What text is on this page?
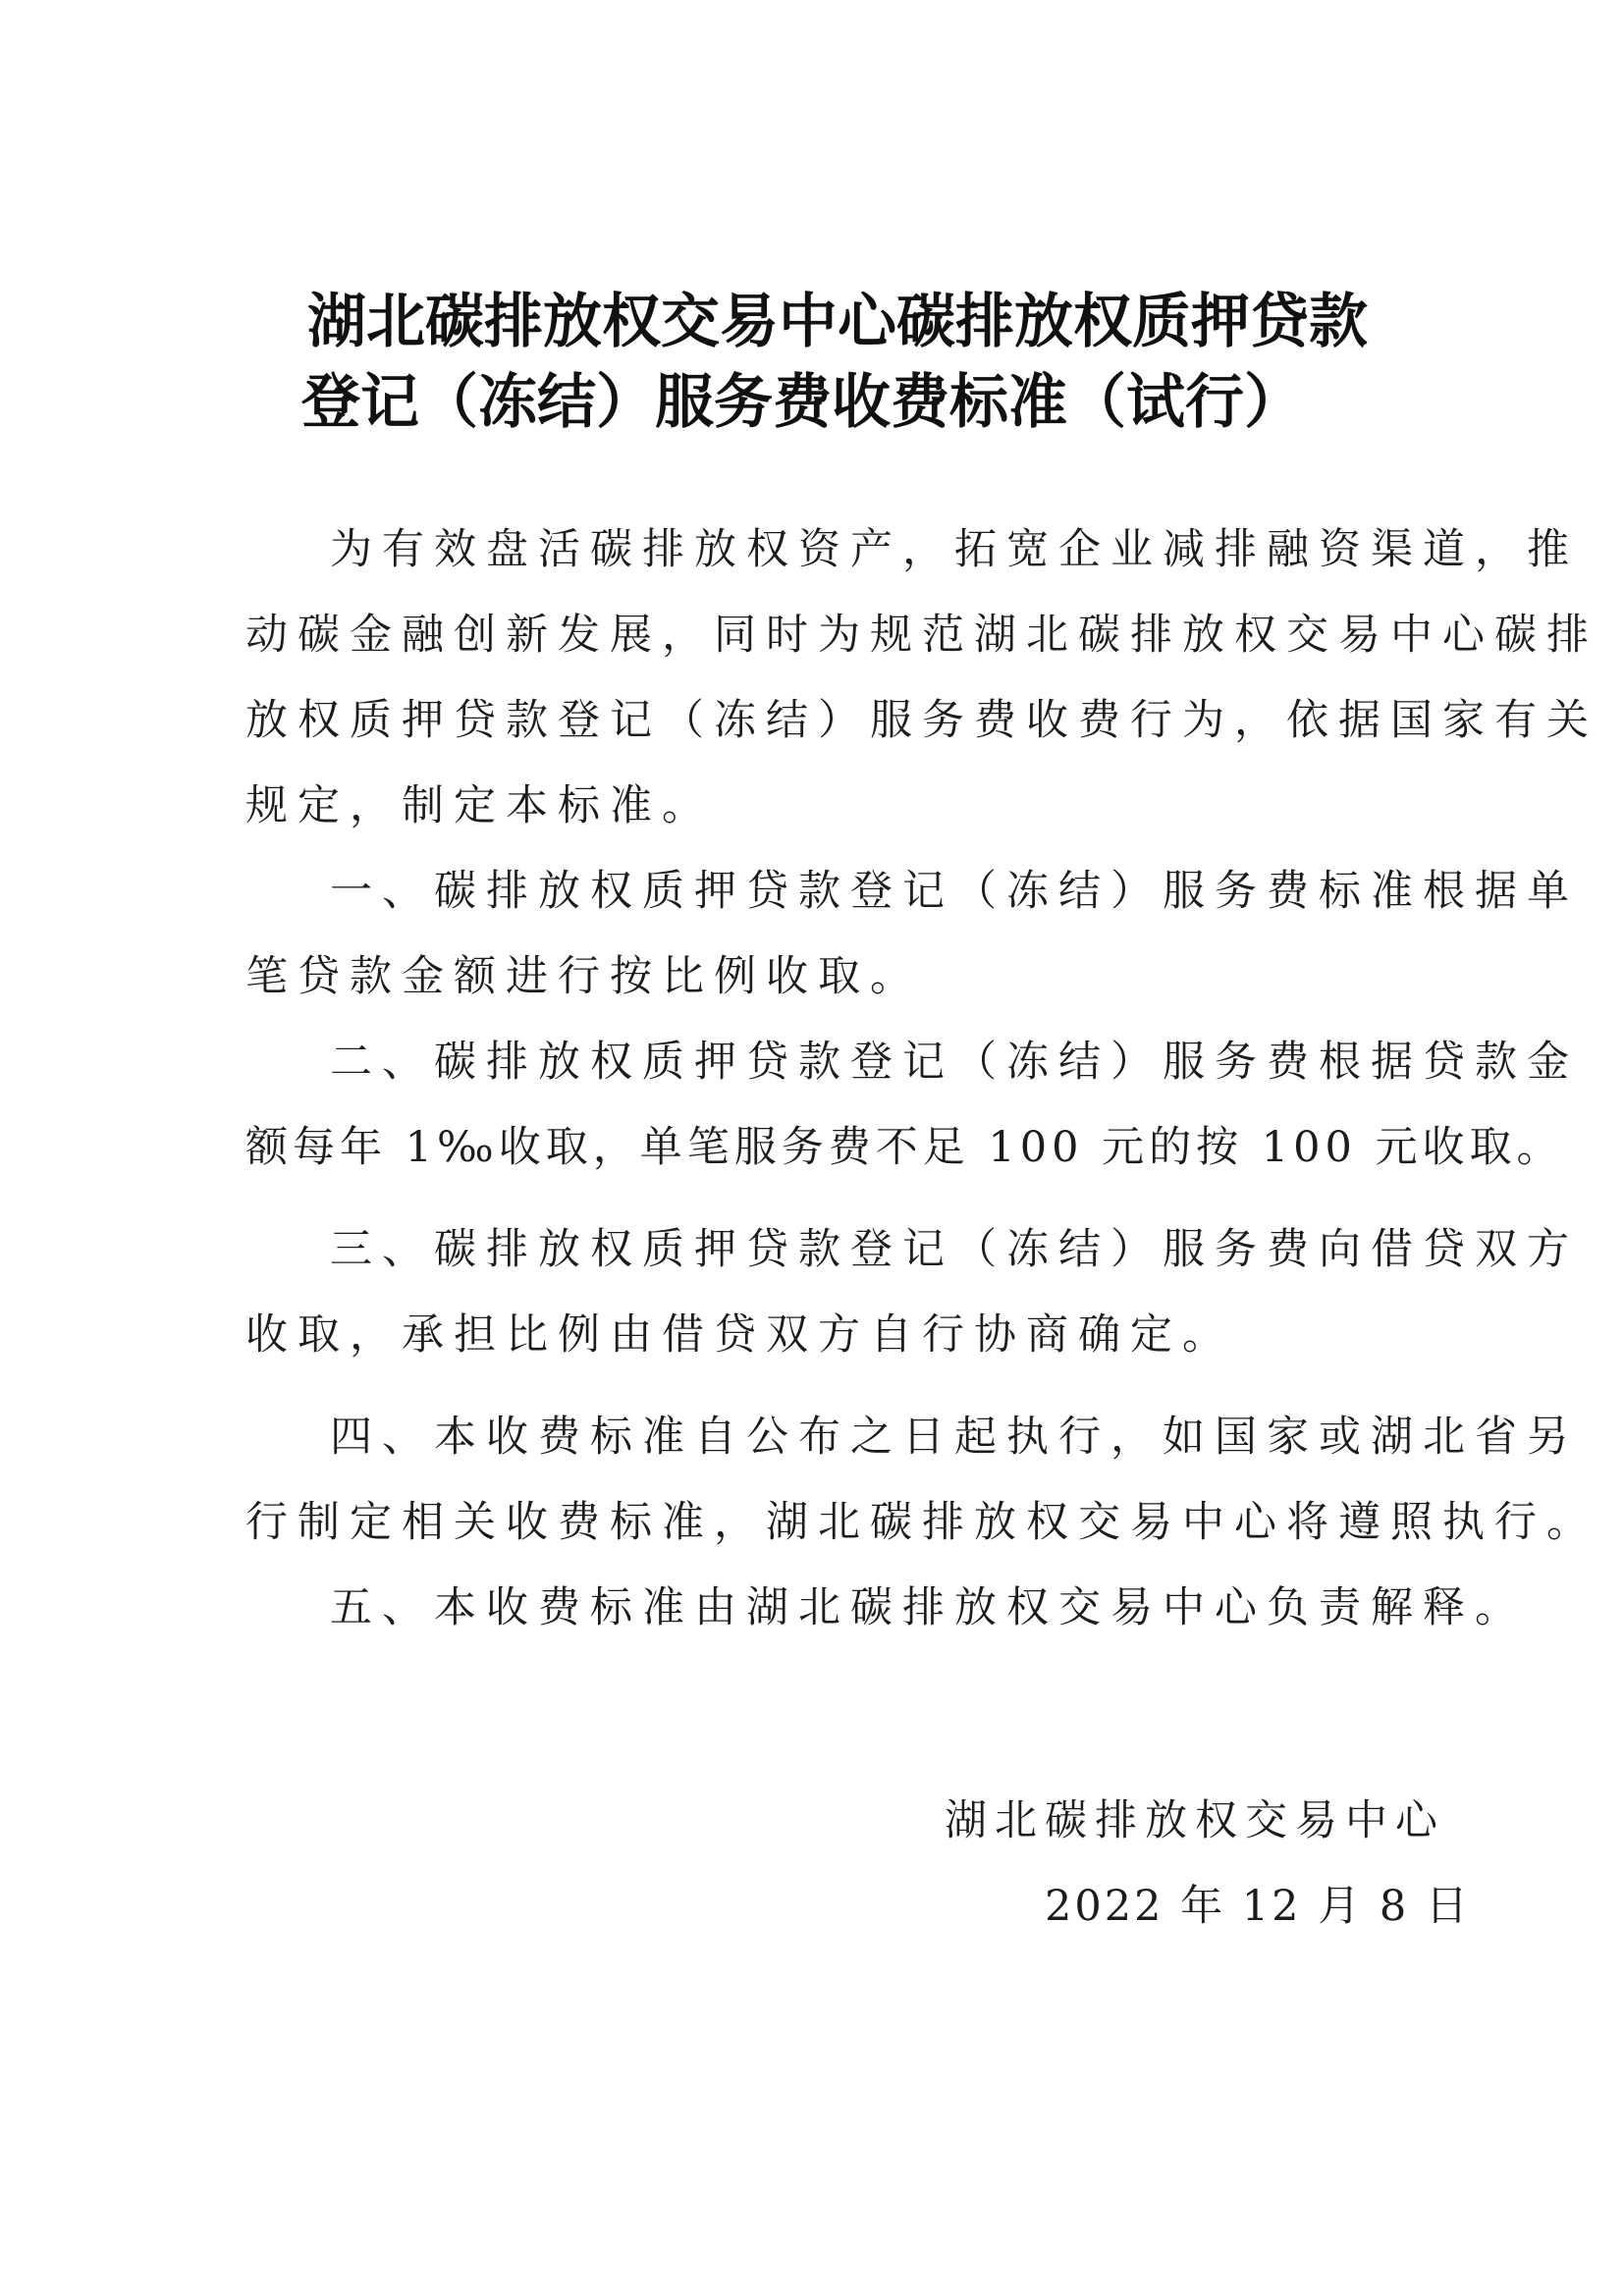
湖北碳排放权交易中心碳排放权质押贷款
登记（冻结）服务费收费标准（试行）
为有效盘活碳排放权资产，拓宽企业减排融资渠道，推
动碳金融创新发展，同时为规范湖北碳排放权交易中心碳排
放权质押贷款登记（冻结）服务费收费行为，依据国家有关
规定，制定本标准。
一、碳排放权质押贷款登记（冻结）服务费标准根据单
笔贷款金额进行按比例收取。
二、碳排放权质押贷款登记（冻结）服务费根据贷款金
额每年 1‰收取，单笔服务费不足 100 元的按 100 元收取。
三、碳排放权质押贷款登记（冻结）服务费向借贷双方
收取，承担比例由借贷双方自行协商确定。
四、本收费标准自公布之日起执行，如国家或湖北省另
行制定相关收费标准，湖北碳排放权交易中心将遵照执行。
五、本收费标准由湖北碳排放权交易中心负责解释。
湖北碳排放权交易中心
2022 年 12 月 8 日
